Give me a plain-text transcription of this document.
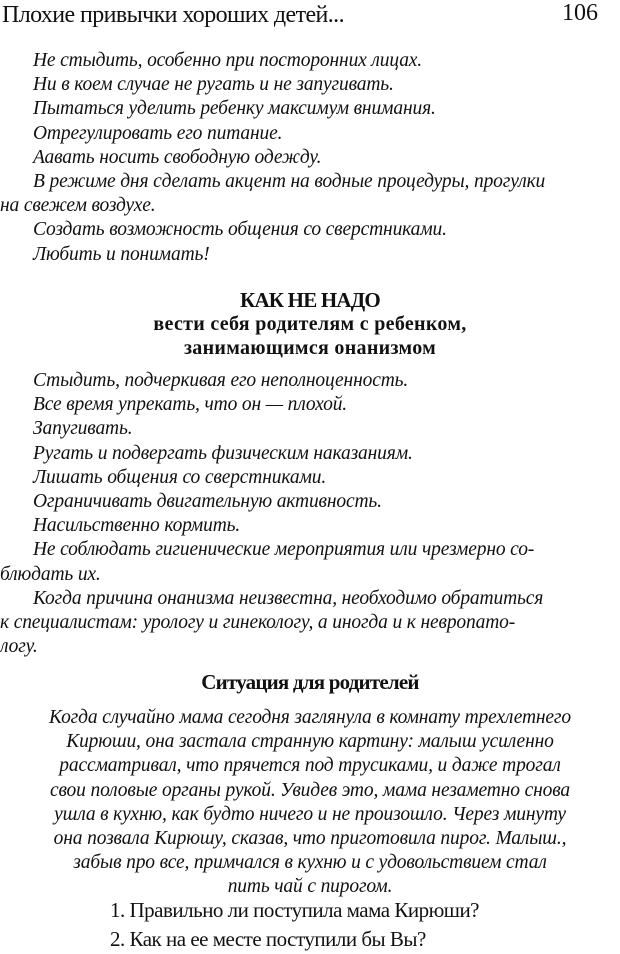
Плохие привычки хороших детей...	106
Не стыдить, особенно при посторонних лицах.
Ни в коем случае не ругать и не запугивать.
Пытаться уделить ребенку максимум внимания.
Отрегулировать его питание.
Аавать носить свободную одежду.
В режиме дня сделать акцент на водные процедуры, прогулки
на свежем воздухе.
Создать возможность общения со сверстниками.
Любить и понимать!
КАК НЕ НАДО
вести себя родителям с ребенком,
занимающимся онанизмом
Стыдить, подчеркивая его неполноценность.
Все время упрекать, что он — плохой.
Запугивать.
Ругать и подвергать физическим наказаниям.
Лишать общения со сверстниками.
Ограничивать двигательную активность.
Насильственно кормить.
Не соблюдать гигиенические мероприятия или чрезмерно со-
блюдать их.
Когда причина онанизма неизвестна, необходимо обратиться
к специалистам: урологу и гинекологу, а иногда и к невропато-
логу.
Ситуация для родителей
Когда случайно мама сегодня заглянула в комнату трехлетнего
Кирюши, она застала странную картину: малыш усиленно
рассматривал, что прячется под трусиками, и даже трогал
свои половые органы рукой. Увидев это, мама незаметно снова
ушла в кухню, как будто ничего и не произошло. Через минуту
она позвала Кирюшу, сказав, что приготовила пирог. Малыш.,
забыв про все, примчался в кухню и с удовольствием стал
пить чай с пирогом.
1. Правильно ли поступила мама Кирюши?
2. Как на ее месте поступили бы Вы?
